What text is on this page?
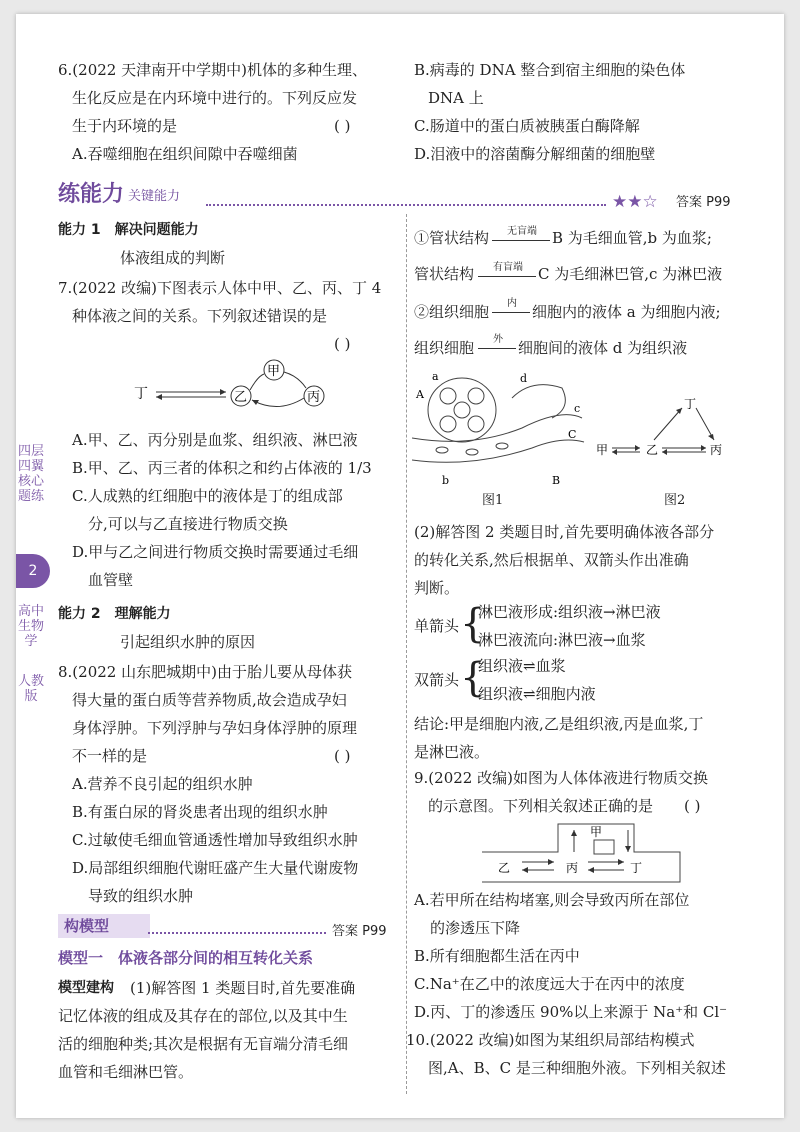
四层四翼 核心题练
2
高中生物学
人教版
6.(2022 天津南开中学期中)机体的多种生理、
生化反应是在内环境中进行的。下列反应发
生于内环境的是	( )
A.吞噬细胞在组织间隙中吞噬细菌
B.病毒的 DNA 整合到宿主细胞的染色体
DNA 上
C.肠道中的蛋白质被胰蛋白酶降解
D.泪液中的溶菌酶分解细菌的细胞壁
练能力 关键能力	★★☆ 答案 P99
能力 1　解决问题能力
体液组成的判断
7.(2022 改编)下图表示人体中甲、乙、丙、丁 4
种体液之间的关系。下列叙述错误的是
( )
丁	乙
甲
丙
A.甲、乙、丙分别是血浆、组织液、淋巴液
B.甲、乙、丙三者的体积之和约占体液的 1/3
C.人成熟的红细胞中的液体是丁的组成部
分,可以与乙直接进行物质交换
D.甲与乙之间进行物质交换时需要通过毛细
血管壁
能力 2　理解能力
引起组织水肿的原因
8.(2022 山东肥城期中)由于胎儿要从母体获
得大量的蛋白质等营养物质,故会造成孕妇
身体浮肿。下列浮肿与孕妇身体浮肿的原理
不一样的是	( )
A.营养不良引起的组织水肿
B.有蛋白尿的肾炎患者出现的组织水肿
C.过敏使毛细血管通透性增加导致组织水肿
D.局部组织细胞代谢旺盛产生大量代谢废物
导致的组织水肿
构模型	答案 P99
模型一　体液各部分间的相互转化关系
模型建构 (1)解答图 1 类题目时,首先要准确
记忆体液的组成及其存在的部位,以及其中生
活的细胞种类;其次是根据有无盲端分清毛细
血管和毛细淋巴管。
①管状结构	无盲端	B 为毛细血管,b 为血浆;
管状结构	有盲端	C 为毛细淋巴管,c 为淋巴液
②组织细胞	内	细胞内的液体 a 为细胞内液;
组织细胞	外	细胞间的液体 d 为组织液
A
a
b	B
c
C
d
图1
甲	乙	丙
丁
图2
(2)解答图 2 类题目时,首先要明确体液各部分
的转化关系,然后根据单、双箭头作出准确
判断。
单箭头 {
淋巴液形成:组织液→淋巴液
淋巴液流向:淋巴液→血浆
双箭头 {
组织液⇌血浆
组织液⇌细胞内液
结论:甲是细胞内液,乙是组织液,丙是血浆,丁
是淋巴液。
9.(2022 改编)如图为人体体液进行物质交换
的示意图。下列相关叙述正确的是 ( )
甲
乙	丙	丁
A.若甲所在结构堵塞,则会导致丙所在部位
的渗透压下降
B.所有细胞都生活在丙中
C.Na⁺在乙中的浓度远大于在丙中的浓度
D.丙、丁的渗透压 90%以上来源于 Na⁺和 Cl⁻
10.(2022 改编)如图为某组织局部结构模式
图,A、B、C 是三种细胞外液。下列相关叙述
